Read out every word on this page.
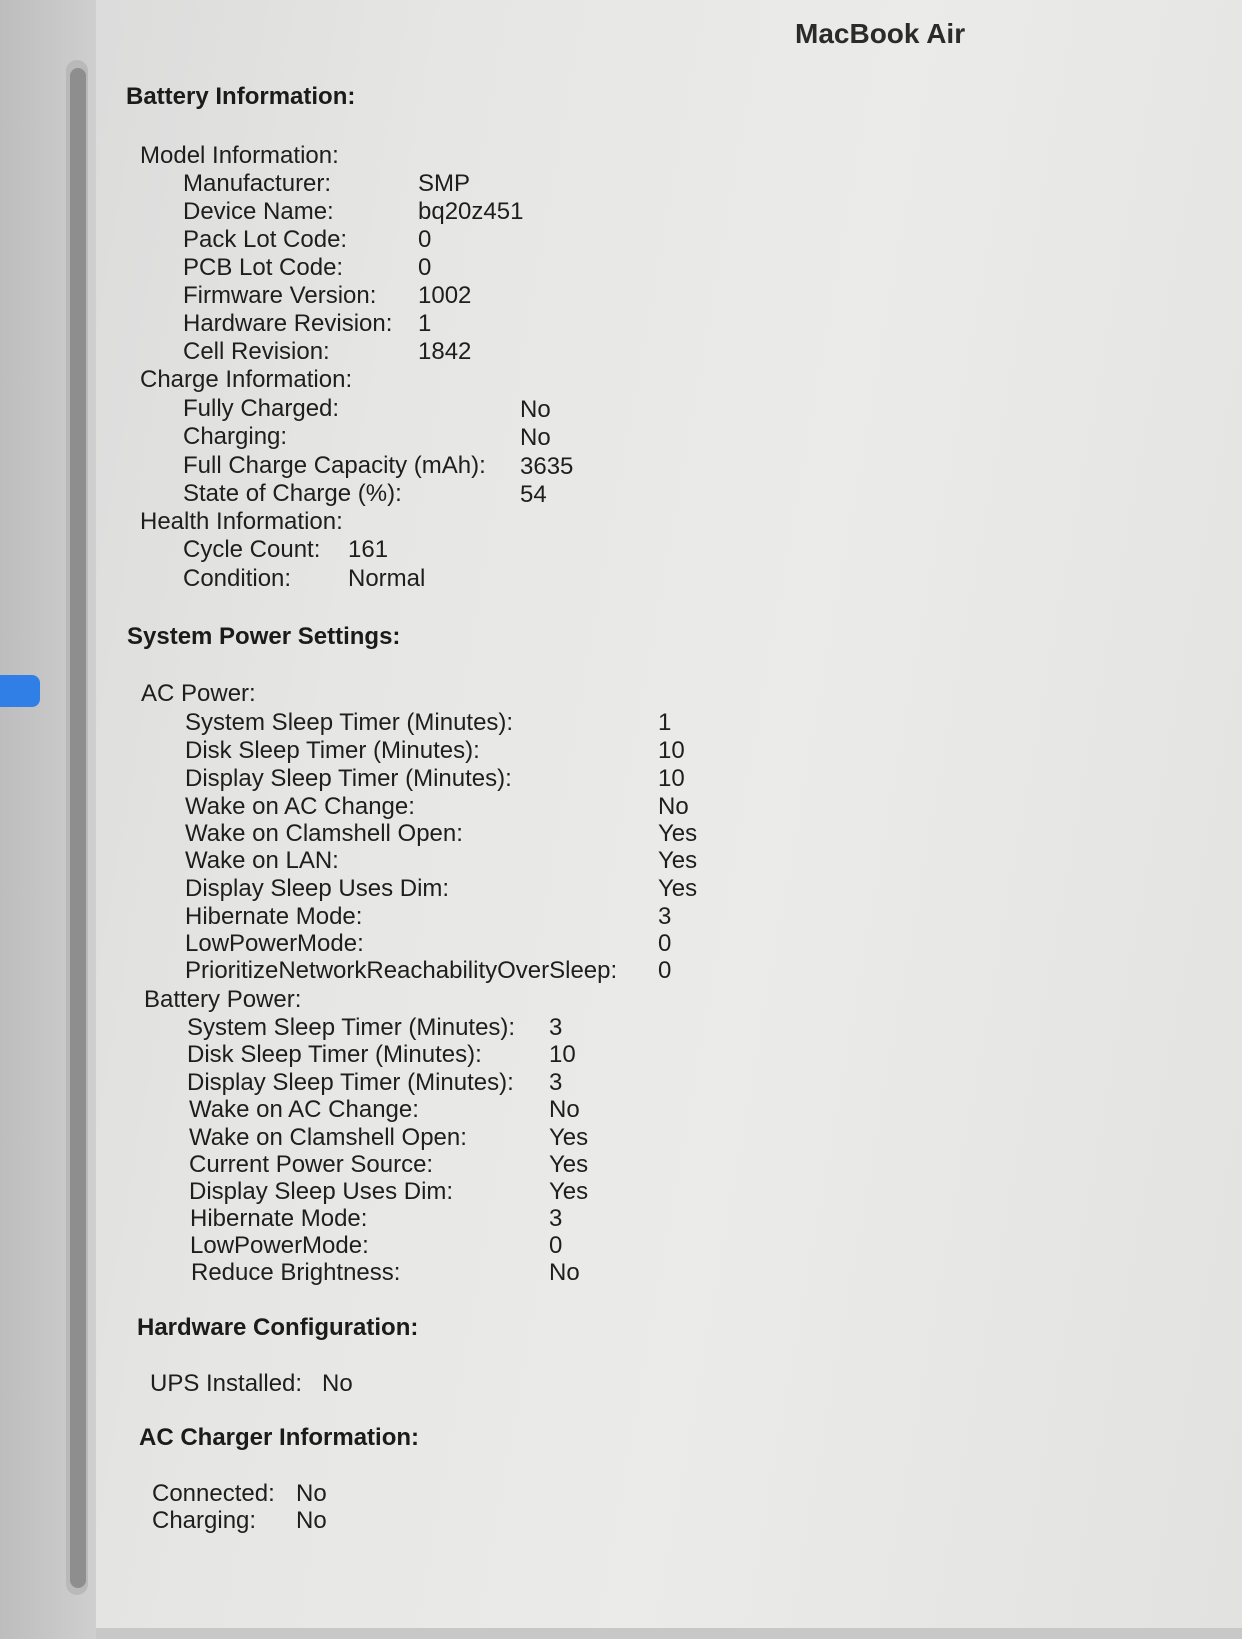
MacBook Air
Battery Information:
Model Information:
Manufacturer:	SMP
Device Name:	bq20z451
Pack Lot Code:	0
PCB Lot Code:	0
Firmware Version: 1002
Hardware Revision: 1
Cell Revision:	1842
Charge Information:
Fully Charged:	No
Charging:	No
Full Charge Capacity (mAh): 3635
State of Charge (%):	54
Health Information:
Cycle Count: 161
Condition: Normal
System Power Settings:
AC Power:
System Sleep Timer (Minutes):	1
Disk Sleep Timer (Minutes):	10
Display Sleep Timer (Minutes):	10
Wake on AC Change:	No
Wake on Clamshell Open:	Yes
Wake on LAN:	Yes
Display Sleep Uses Dim:	Yes
Hibernate Mode:	3
LowPowerMode:	0
PrioritizeNetworkReachabilityOverSleep: 0
Battery Power:
System Sleep Timer (Minutes): 3
Disk Sleep Timer (Minutes):	10
Display Sleep Timer (Minutes): 3
Wake on AC Change:	No
Wake on Clamshell Open:	Yes
Current Power Source:	Yes
Display Sleep Uses Dim:	Yes
Hibernate Mode:	3
LowPowerMode:	0
Reduce Brightness:	No
Hardware Configuration:
UPS Installed: No
AC Charger Information:
Connected: No
Charging: No
